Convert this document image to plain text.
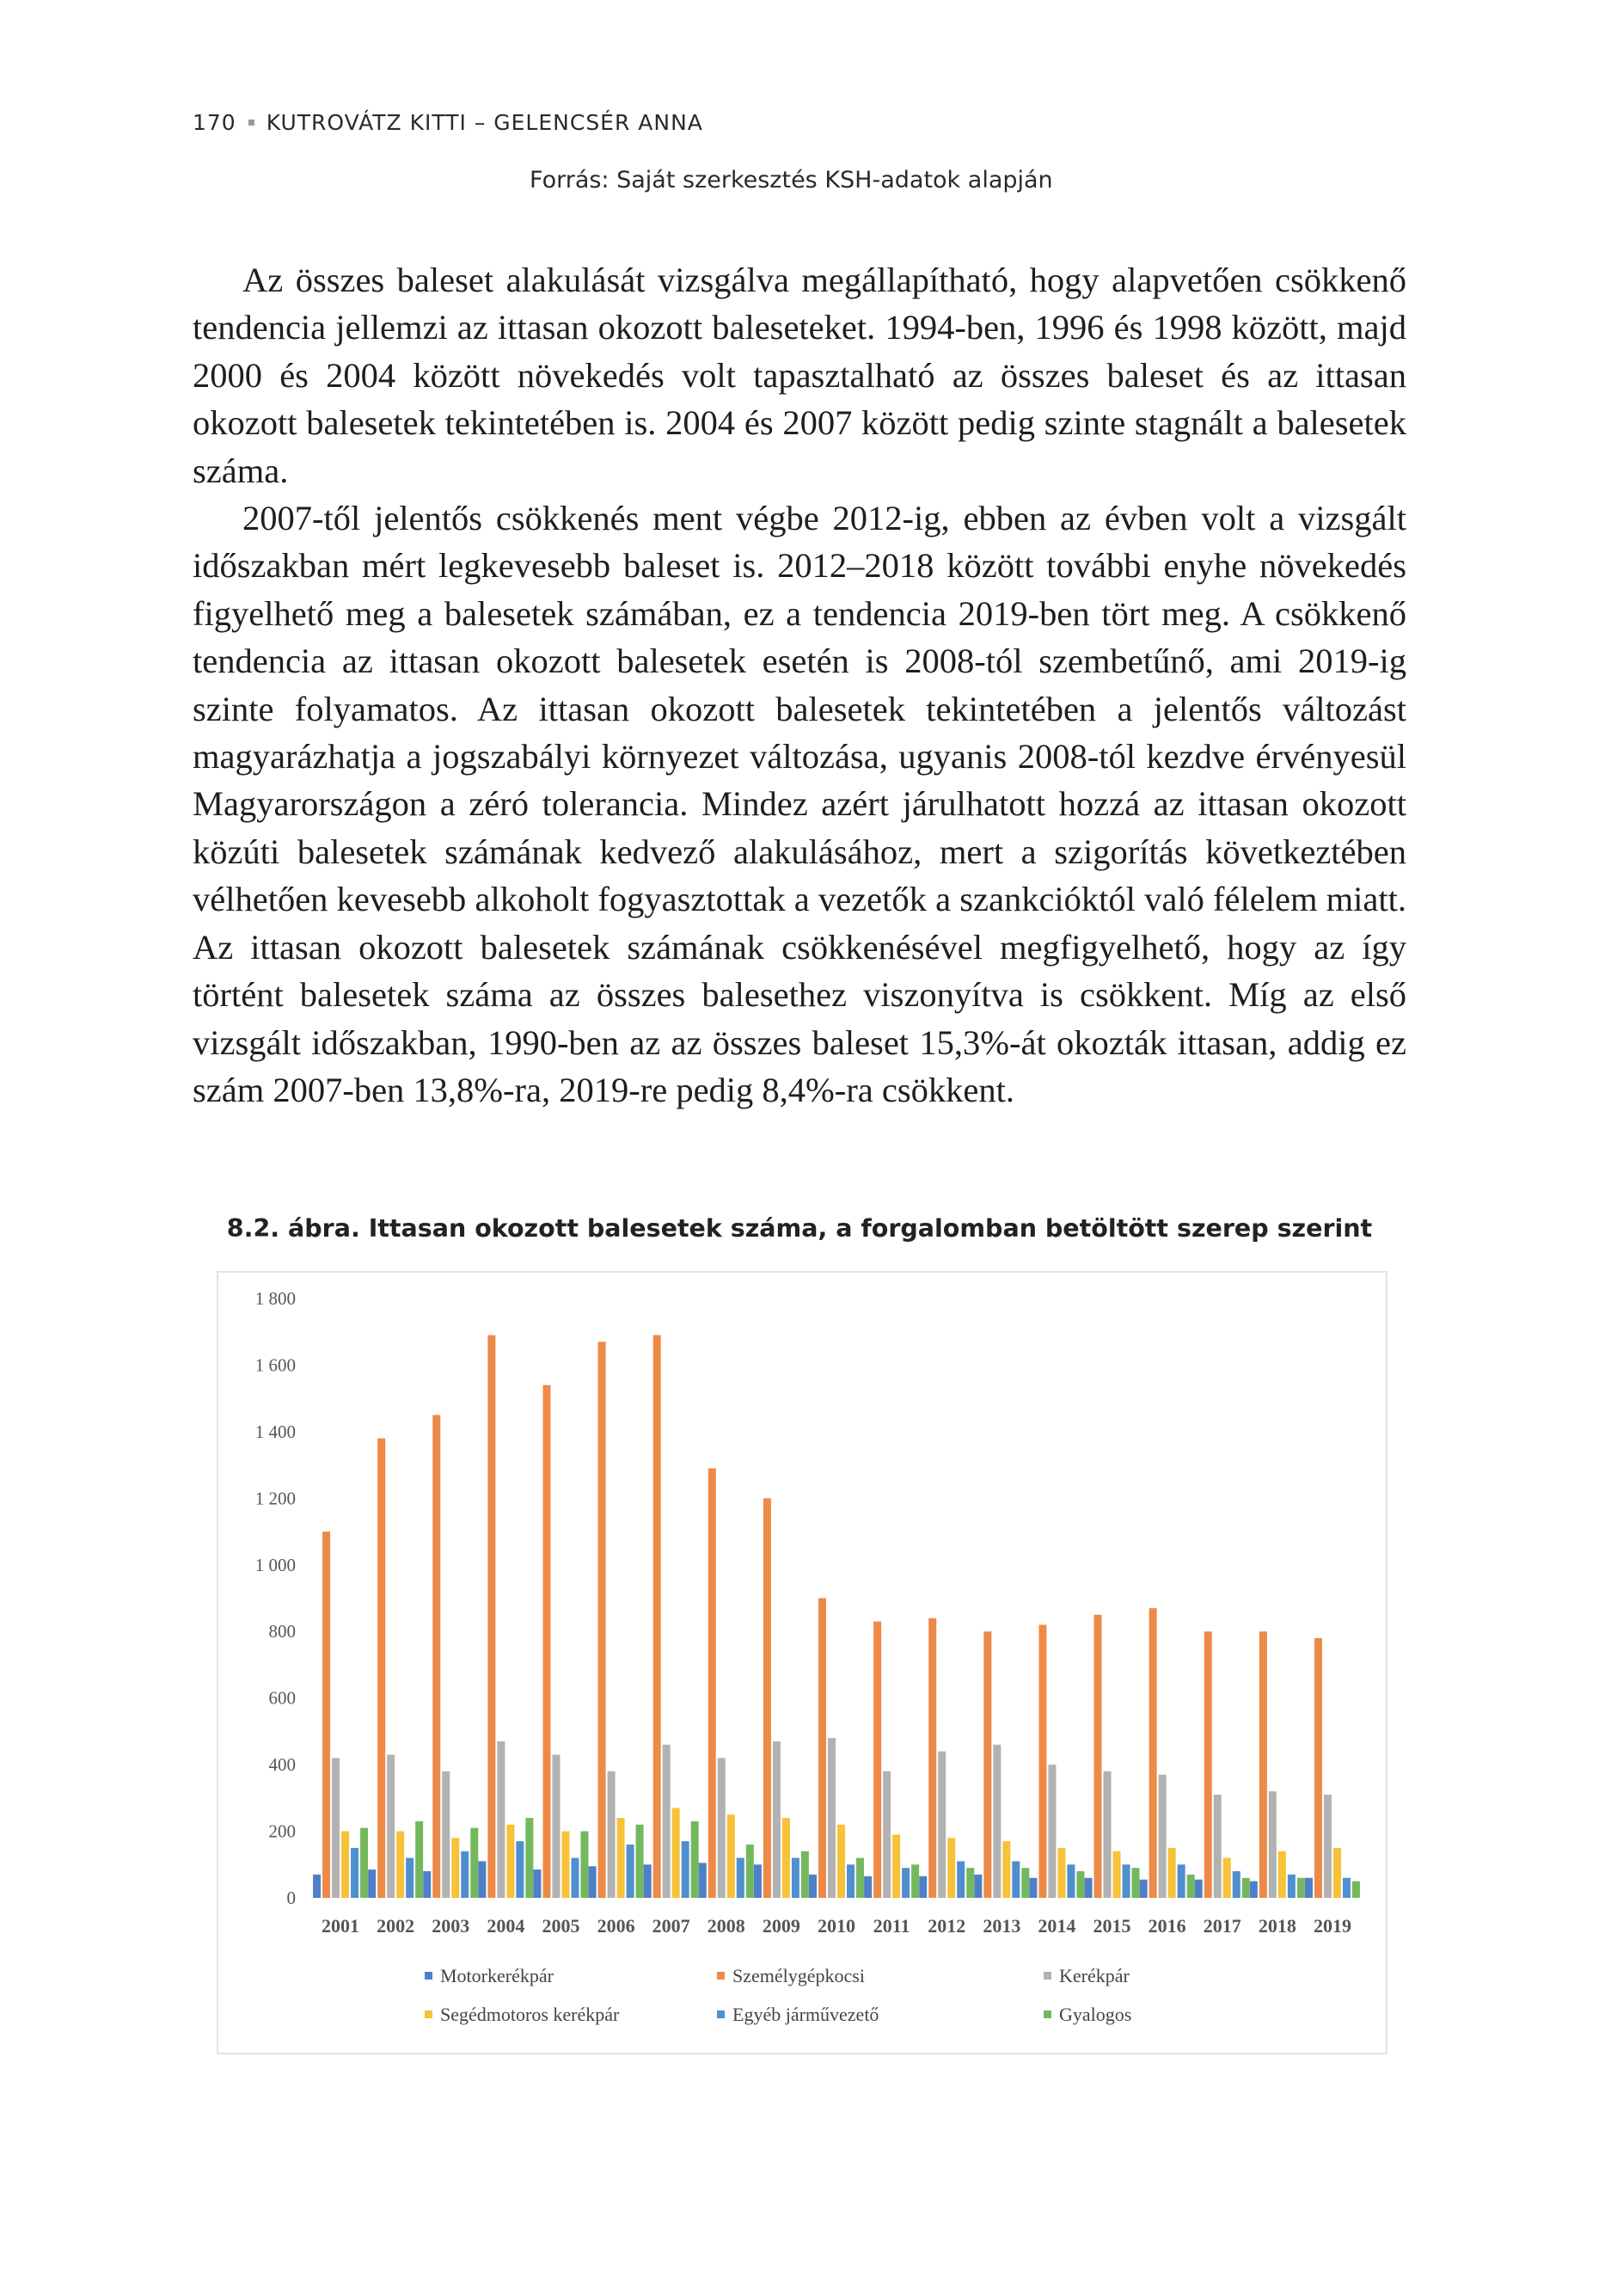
170 KUTROVÁTZ KITTI – GELENCSÉR ANNA
Forrás: Saját szerkesztés KSH-adatok alapján

Az összes baleset alakulását vizsgálva megállapítható, hogy alapvetően csökkenő tendencia jellemzi az ittasan okozott baleseteket. 1994-ben, 1996 és 1998 között, majd 2000 és 2004 között növekedés volt tapasztalható az összes baleset és az ittasan okozott balesetek tekintetében is. 2004 és 2007 között pedig szinte stagnált a balesetek száma.

2007-től jelentős csökkenés ment végbe 2012-ig, ebben az évben volt a vizsgált időszakban mért legkevesebb baleset is. 2012–2018 között további enyhe növekedés figyelhető meg a balesetek számában, ez a tendencia 2019-ben tört meg. A csökkenő tendencia az ittasan okozott balesetek esetén is 2008-tól szembetűnő, ami 2019-ig szinte folyamatos. Az ittasan okozott balesetek tekintetében a jelentős változást magyarázhatja a jogszabályi környezet változása, ugyanis 2008-tól kezdve érvényesül Magyarországon a zéró tolerancia. Mindez azért járulhatott hozzá az ittasan okozott közúti balesetek számának kedvező alakulásához, mert a szigorítás következtében vélhetően kevesebb alkoholt fogyasztottak a vezetők a szankcióktól való félelem miatt. Az ittasan okozott balesetek számának csökkenésével megfigyelhető, hogy az így történt balesetek száma az összes balesethez viszonyítva is csökkent. Míg az első vizsgált időszakban, 1990-ben az az összes baleset 15,3%-át okozták ittasan, addig ez szám 2007-ben 13,8%-ra, 2019-re pedig 8,4%-ra csökkent.

8.2. ábra. Ittasan okozott balesetek száma, a forgalomban betöltött szerep szerint
0
200
400
600
800
1 000
1 200
1 400
1 600
1 800
2001 2002 2003 2004 2005 2006 2007 2008 2009 2010 2011 2012 2013 2014 2015 2016 2017 2018 2019
Motorkerékpár	Személygépkocsi	Kerékpár
Segédmotoros kerékpár	Egyéb járművezető	Gyalogos
